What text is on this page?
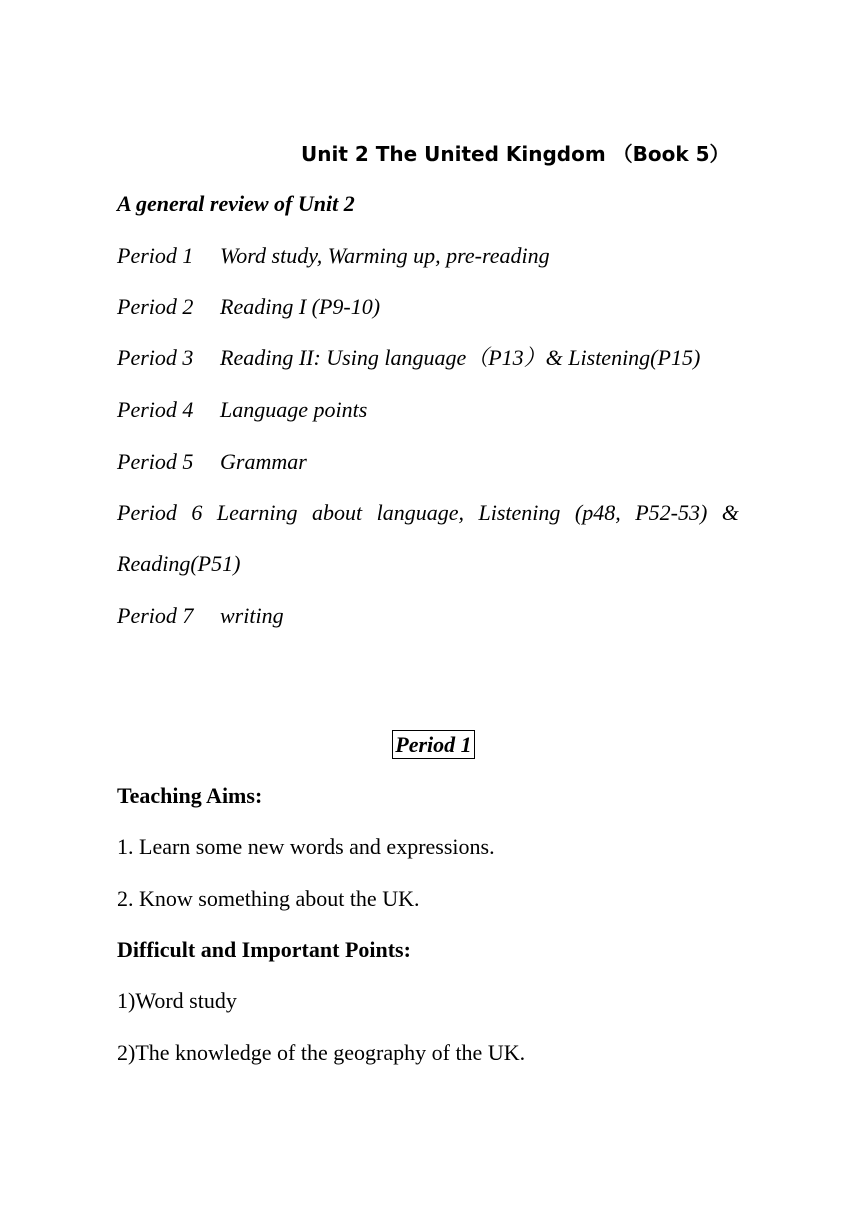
Unit 2 The United Kingdom （Book 5）
A general review of Unit 2
Period 1 Word study, Warming up, pre-reading
Period 2 Reading I (P9-10)
Period 3 Reading II: Using language（P13）& Listening(P15)
Period 4 Language points
Period 5 Grammar
Period 6 Learning about language, Listening (p48, P52-53) &
Reading(P51)
Period 7 writing
Period 1
Teaching Aims:
1. Learn some new words and expressions.
2. Know something about the UK.
Difficult and Important Points:
1)Word study
2)The knowledge of the geography of the UK.
